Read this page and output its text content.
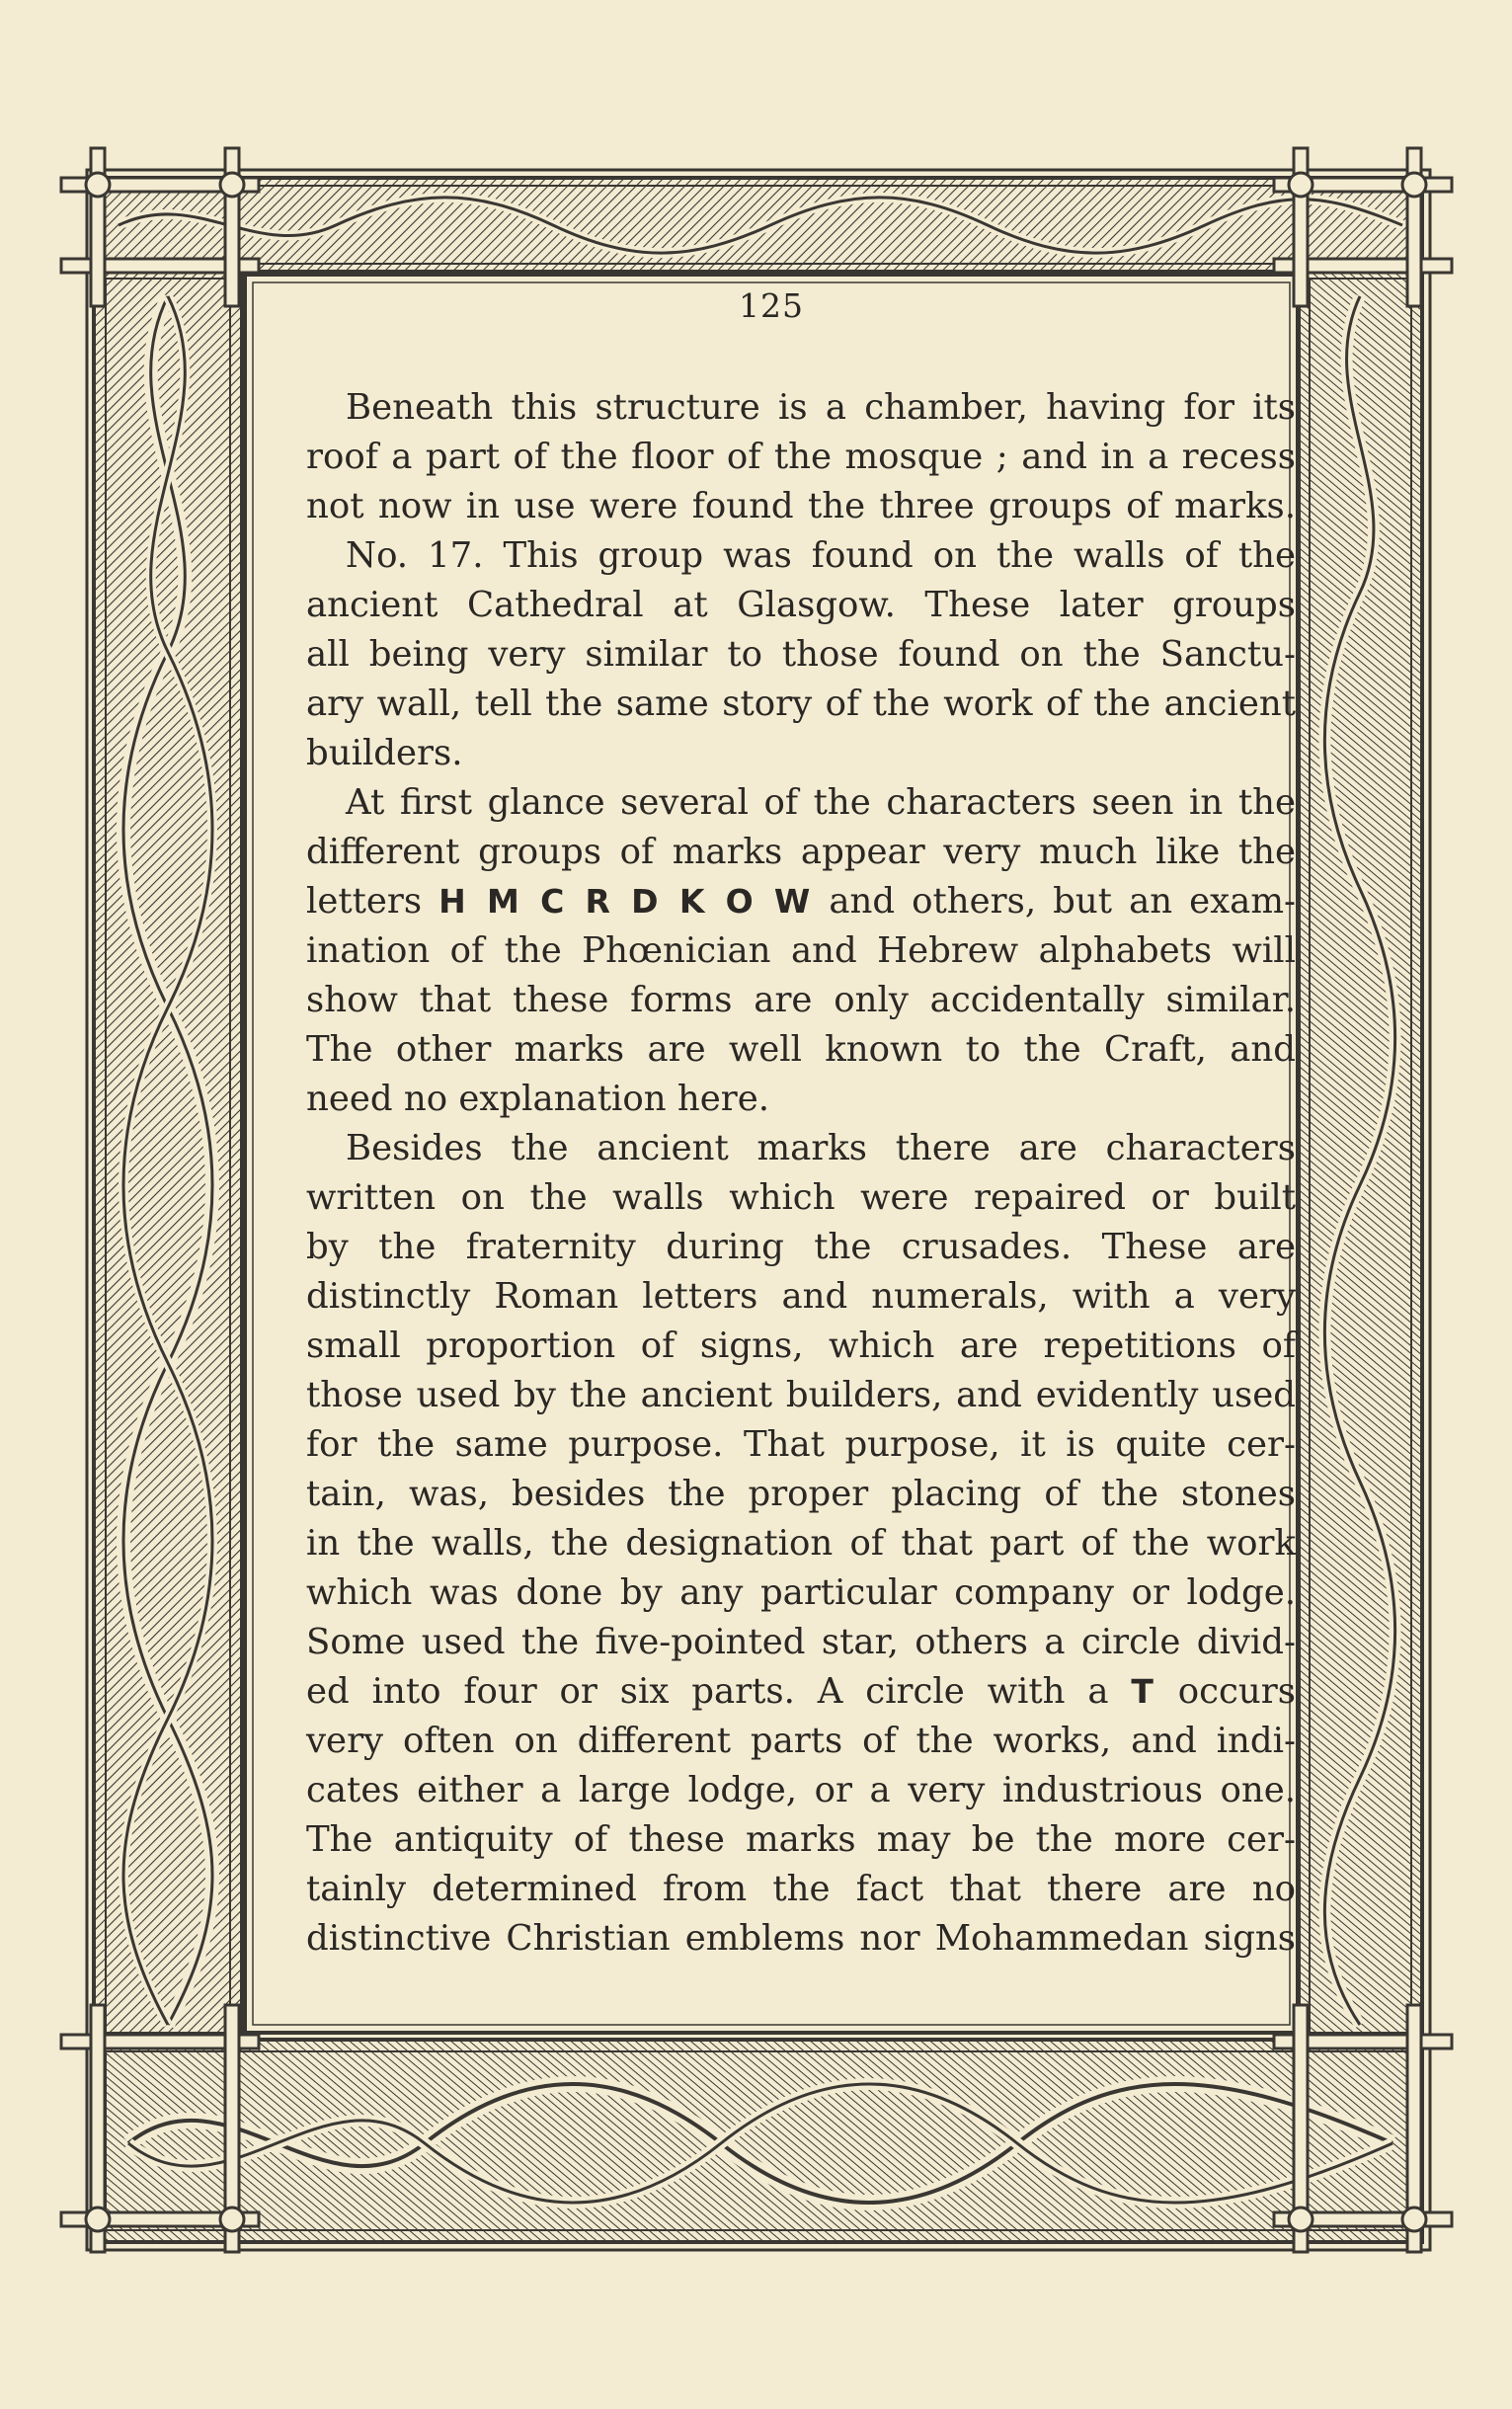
125
Beneath this structure is a chamber, having for its
roof a part of the floor of the mosque ; and in a recess
not now in use were found the three groups of marks.
No. 17. This group was found on the walls of the
ancient Cathedral at Glasgow. These later groups
all being very similar to those found on the Sanctu-
ary wall, tell the same story of the work of the ancient
builders.
At first glance several of the characters seen in the
different groups of marks appear very much like the
letters H M C R D K O W and others, but an exam-
ination of the Phœnician and Hebrew alphabets will
show that these forms are only accidentally similar.
The other marks are well known to the Craft, and
need no explanation here.
Besides the ancient marks there are characters
written on the walls which were repaired or built
by the fraternity during the crusades. These are
distinctly Roman letters and numerals, with a very
small proportion of signs, which are repetitions of
those used by the ancient builders, and evidently used
for the same purpose. That purpose, it is quite cer-
tain, was, besides the proper placing of the stones
in the walls, the designation of that part of the work
which was done by any particular company or lodge.
Some used the five-pointed star, others a circle divid-
ed into four or six parts. A circle with a T occurs
very often on different parts of the works, and indi-
cates either a large lodge, or a very industrious one.
The antiquity of these marks may be the more cer-
tainly determined from the fact that there are no
distinctive Christian emblems nor Mohammedan signs
